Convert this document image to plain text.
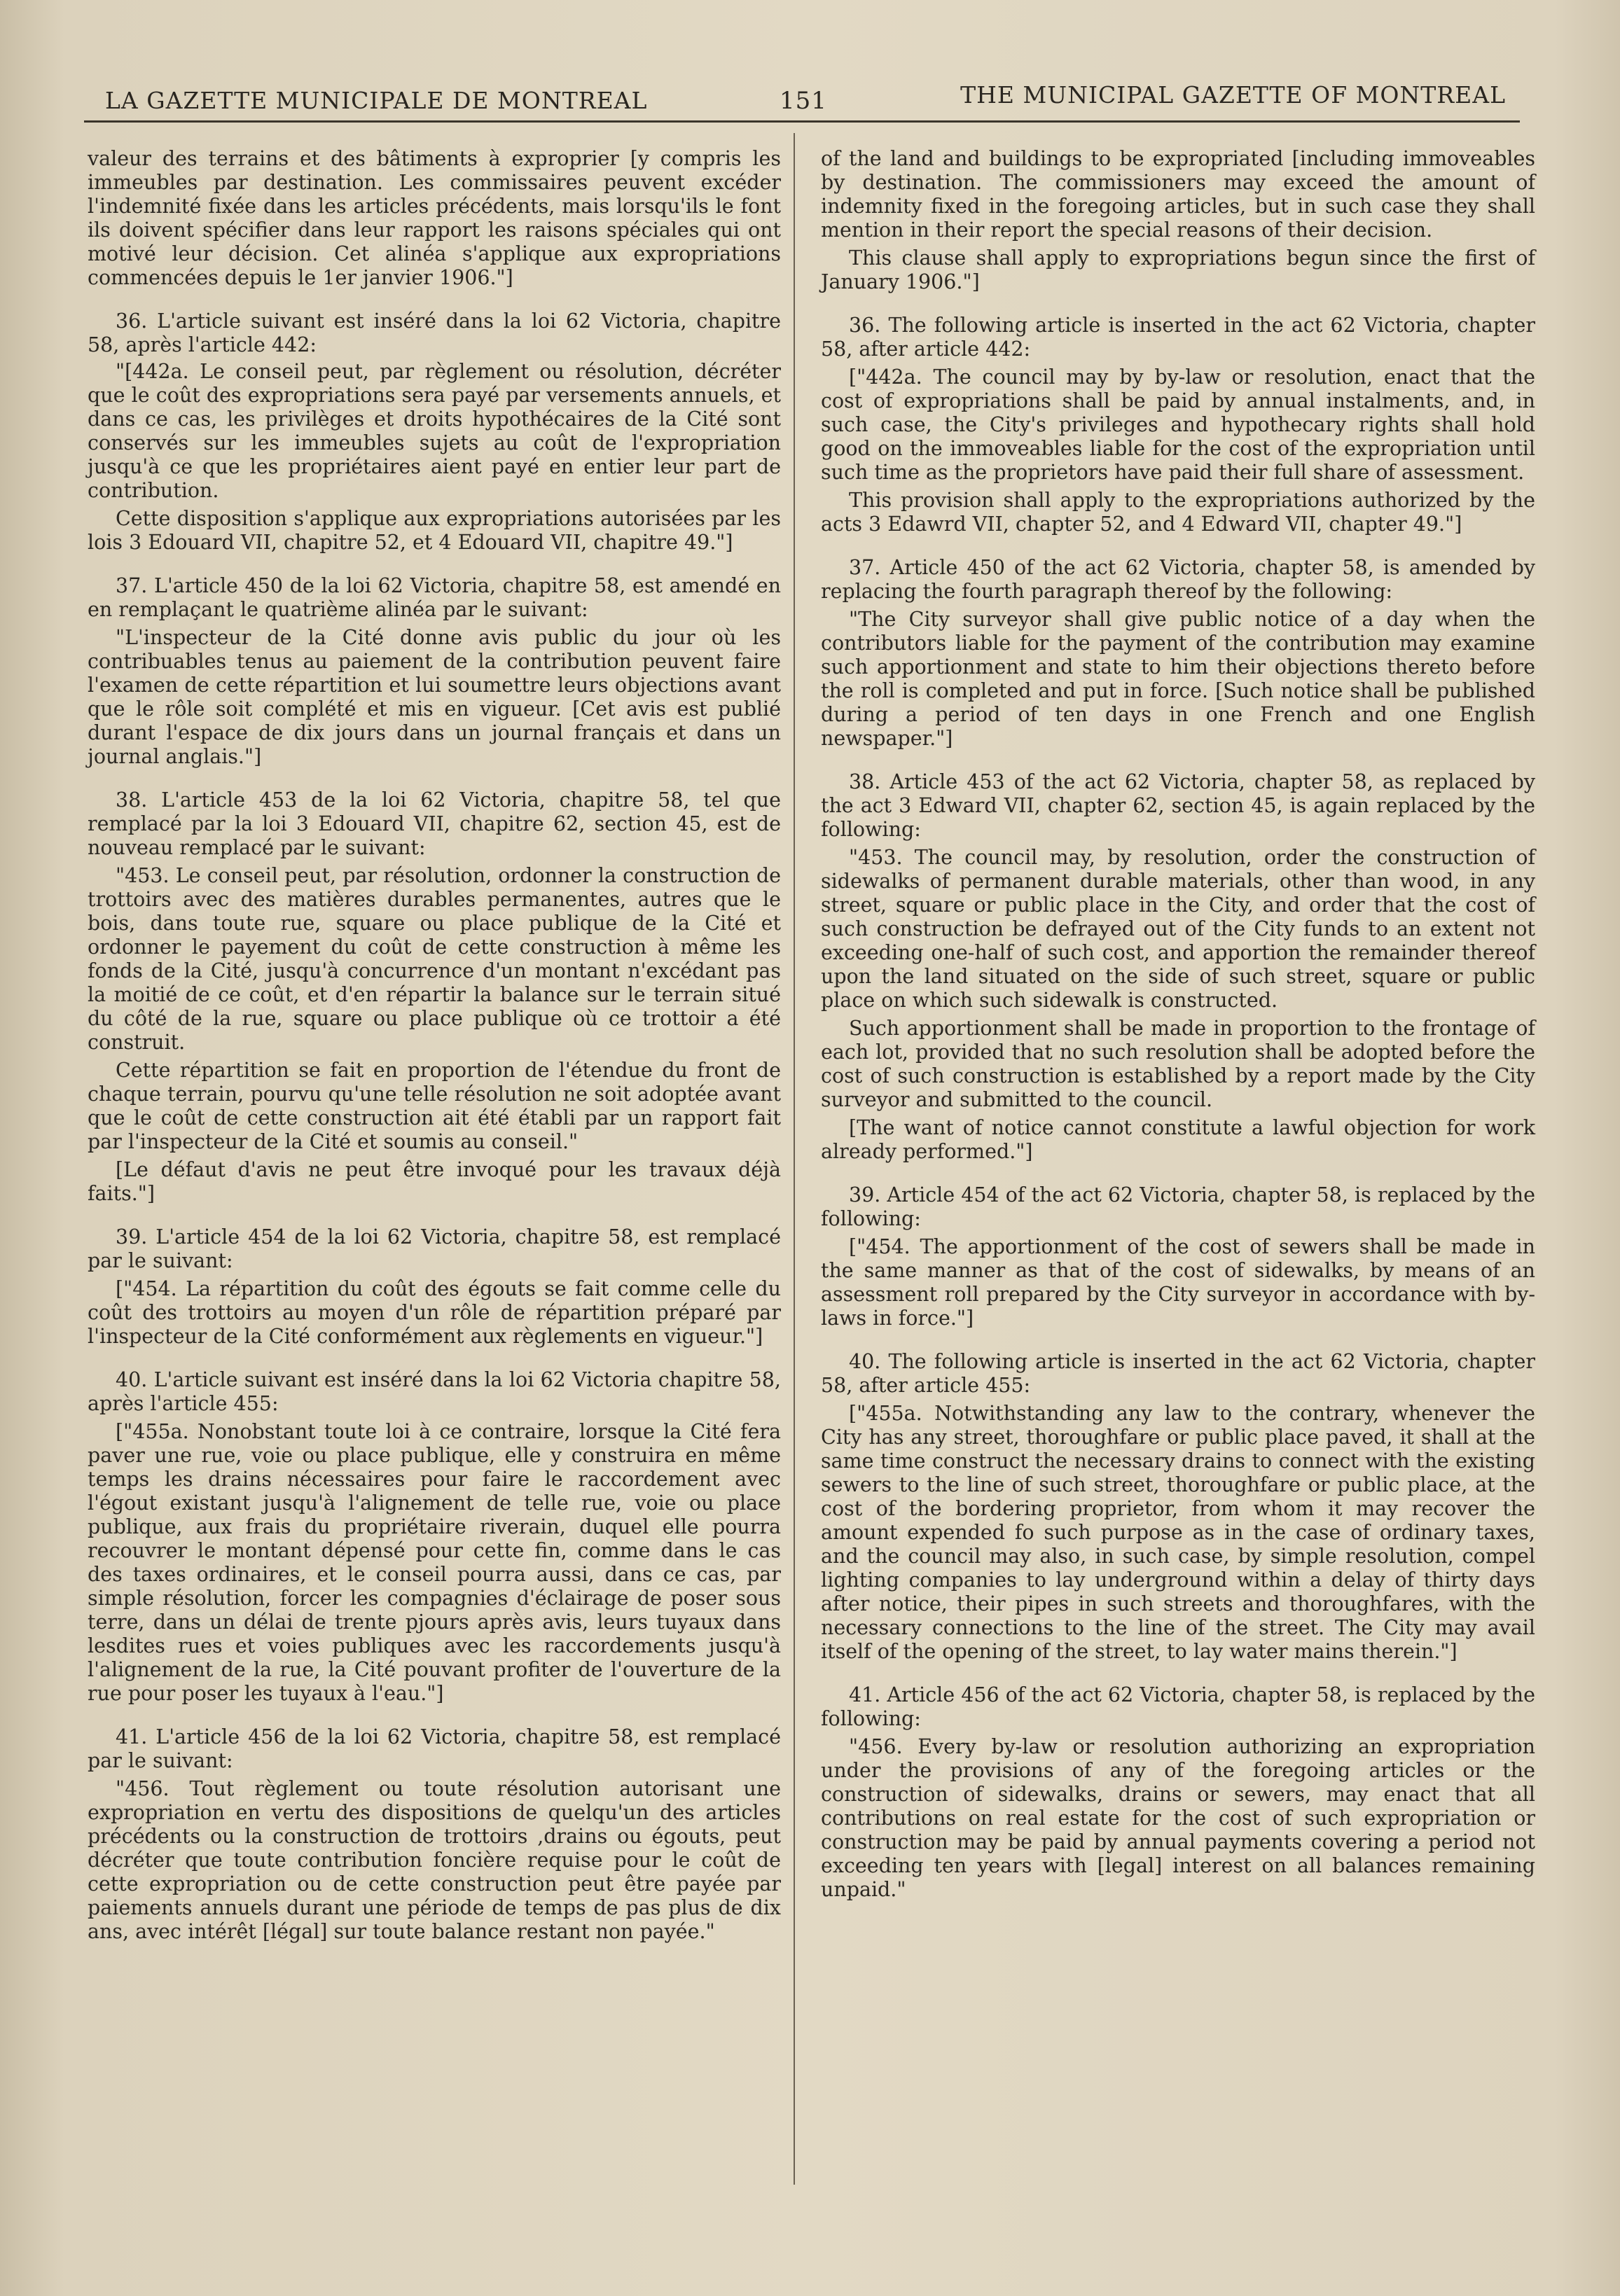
LA GAZETTE MUNICIPALE DE MONTREAL	151	THE MUNICIPAL GAZETTE OF MONTREAL

valeur des terrains et des bâtiments à exproprier [y compris les immeubles par destination. Les commissaires peuvent excéder l'indemnité fixée dans les articles précédents, mais lorsqu'ils le font ils doivent spécifier dans leur rapport les raisons spéciales qui ont motivé leur décision. Cet alinéa s'applique aux expropriations commencées depuis le 1er janvier 1906."]

36. L'article suivant est inséré dans la loi 62 Victoria, chapitre 58, après l'article 442:

"[442a. Le conseil peut, par règlement ou résolution, décréter que le coût des expropriations sera payé par versements annuels, et dans ce cas, les privilèges et droits hypothécaires de la Cité sont conservés sur les immeubles sujets au coût de l'expropriation jusqu'à ce que les propriétaires aient payé en entier leur part de contribution.

Cette disposition s'applique aux expropriations autorisées par les lois 3 Edouard VII, chapitre 52, et 4 Edouard VII, chapitre 49."]

37. L'article 450 de la loi 62 Victoria, chapitre 58, est amendé en en remplaçant le quatrième alinéa par le suivant:

"L'inspecteur de la Cité donne avis public du jour où les contribuables tenus au paiement de la contribution peuvent faire l'examen de cette répartition et lui soumettre leurs objections avant que le rôle soit complété et mis en vigueur. [Cet avis est publié durant l'espace de dix jours dans un journal français et dans un journal anglais."]

38. L'article 453 de la loi 62 Victoria, chapitre 58, tel que remplacé par la loi 3 Edouard VII, chapitre 62, section 45, est de nouveau remplacé par le suivant:

"453. Le conseil peut, par résolution, ordonner la construction de trottoirs avec des matières durables permanentes, autres que le bois, dans toute rue, square ou place publique de la Cité et ordonner le payement du coût de cette construction à même les fonds de la Cité, jusqu'à concurrence d'un montant n'excédant pas la moitié de ce coût, et d'en répartir la balance sur le terrain situé du côté de la rue, square ou place publique où ce trottoir a été construit.

Cette répartition se fait en proportion de l'étendue du front de chaque terrain, pourvu qu'une telle résolution ne soit adoptée avant que le coût de cette construction ait été établi par un rapport fait par l'inspecteur de la Cité et soumis au conseil."

[Le défaut d'avis ne peut être invoqué pour les travaux déjà faits."]

39. L'article 454 de la loi 62 Victoria, chapitre 58, est remplacé par le suivant:

["454. La répartition du coût des égouts se fait comme celle du coût des trottoirs au moyen d'un rôle de répartition préparé par l'inspecteur de la Cité conformément aux règlements en vigueur."]

40. L'article suivant est inséré dans la loi 62 Victoria chapitre 58, après l'article 455:

["455a. Nonobstant toute loi à ce contraire, lorsque la Cité fera paver une rue, voie ou place publique, elle y construira en même temps les drains nécessaires pour faire le raccordement avec l'égout existant jusqu'à l'alignement de telle rue, voie ou place publique, aux frais du propriétaire riverain, duquel elle pourra recouvrer le montant dépensé pour cette fin, comme dans le cas des taxes ordinaires, et le conseil pourra aussi, dans ce cas, par simple résolution, forcer les compagnies d'éclairage de poser sous terre, dans un délai de trente pjours après avis, leurs tuyaux dans lesdites rues et voies publiques avec les raccordements jusqu'à l'alignement de la rue, la Cité pouvant profiter de l'ouverture de la rue pour poser les tuyaux à l'eau."]

41. L'article 456 de la loi 62 Victoria, chapitre 58, est remplacé par le suivant:

"456. Tout règlement ou toute résolution autorisant une expropriation en vertu des dispositions de quelqu'un des articles précédents ou la construction de trottoirs ,drains ou égouts, peut décréter que toute contribution foncière requise pour le coût de cette expropriation ou de cette construction peut être payée par paiements annuels durant une période de temps de pas plus de dix ans, avec intérêt [légal] sur toute balance restant non payée."

of the land and buildings to be expropriated [including immoveables by destination. The commissioners may exceed the amount of indemnity fixed in the foregoing articles, but in such case they shall mention in their report the special reasons of their decision.

This clause shall apply to expropriations begun since the first of January 1906."]

36. The following article is inserted in the act 62 Victoria, chapter 58, after article 442:

["442a. The council may by by-law or resolution, enact that the cost of expropriations shall be paid by annual instalments, and, in such case, the City's privileges and hypothecary rights shall hold good on the immoveables liable for the cost of the expropriation until such time as the proprietors have paid their full share of assessment.

This provision shall apply to the expropriations authorized by the acts 3 Edawrd VII, chapter 52, and 4 Edward VII, chapter 49."]

37. Article 450 of the act 62 Victoria, chapter 58, is amended by replacing the fourth paragraph thereof by the following:

"The City surveyor shall give public notice of a day when the contributors liable for the payment of the contribution may examine such apportionment and state to him their objections thereto before the roll is completed and put in force. [Such notice shall be published during a period of ten days in one French and one English newspaper."]

38. Article 453 of the act 62 Victoria, chapter 58, as replaced by the act 3 Edward VII, chapter 62, section 45, is again replaced by the following:

"453. The council may, by resolution, order the construction of sidewalks of permanent durable materials, other than wood, in any street, square or public place in the City, and order that the cost of such construction be defrayed out of the City funds to an extent not exceeding one-half of such cost, and apportion the remainder thereof upon the land situated on the side of such street, square or public place on which such sidewalk is constructed.

Such apportionment shall be made in proportion to the frontage of each lot, provided that no such resolution shall be adopted before the cost of such construction is established by a report made by the City surveyor and submitted to the council.

[The want of notice cannot constitute a lawful objection for work already performed."]

39. Article 454 of the act 62 Victoria, chapter 58, is replaced by the following:

["454. The apportionment of the cost of sewers shall be made in the same manner as that of the cost of sidewalks, by means of an assessment roll prepared by the City surveyor in accordance with by-laws in force."]

40. The following article is inserted in the act 62 Victoria, chapter 58, after article 455:

["455a. Notwithstanding any law to the contrary, whenever the City has any street, thoroughfare or public place paved, it shall at the same time construct the necessary drains to connect with the existing sewers to the line of such street, thoroughfare or public place, at the cost of the bordering proprietor, from whom it may recover the amount expended fo such purpose as in the case of ordinary taxes, and the council may also, in such case, by simple resolution, compel lighting companies to lay underground within a delay of thirty days after notice, their pipes in such streets and thoroughfares, with the necessary connections to the line of the street. The City may avail itself of the opening of the street, to lay water mains therein."]

41. Article 456 of the act 62 Victoria, chapter 58, is replaced by the following:

"456. Every by-law or resolution authorizing an expropriation under the provisions of any of the foregoing articles or the construction of sidewalks, drains or sewers, may enact that all contributions on real estate for the cost of such expropriation or construction may be paid by annual payments covering a period not exceeding ten years with [legal] interest on all balances remaining unpaid."
